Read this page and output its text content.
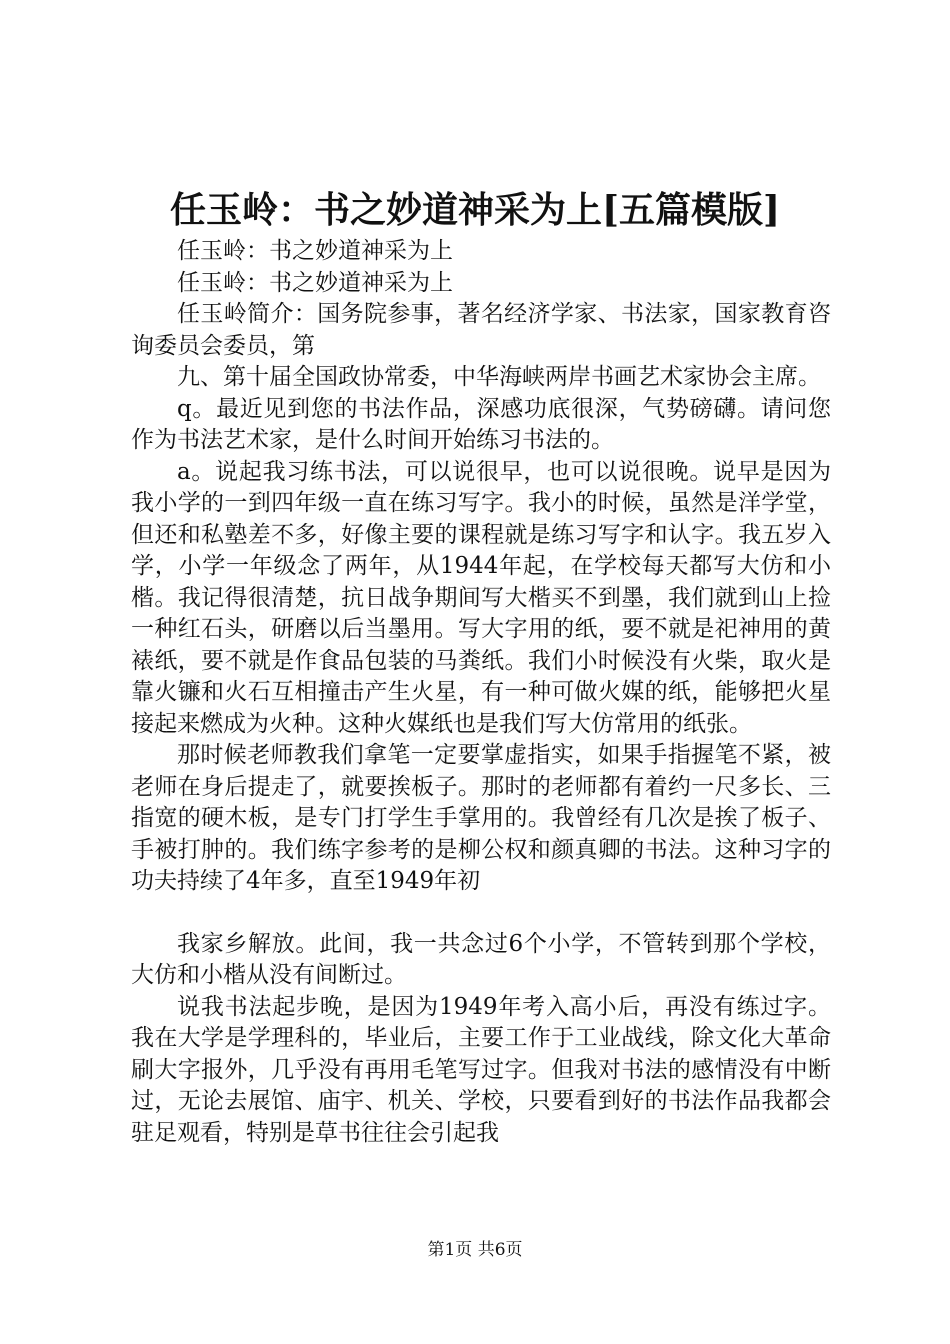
任玉岭：书之妙道神采为上[五篇模版]

任玉岭：书之妙道神采为上

任玉岭：书之妙道神采为上

任玉岭简介：国务院参事，著名经济学家、书法家，国家教育咨询委员会委员，第

九、第十届全国政协常委，中华海峡两岸书画艺术家协会主席。

q。最近见到您的书法作品，深感功底很深，气势磅礴。请问您作为书法艺术家，是什么时间开始练习书法的。

a。说起我习练书法，可以说很早，也可以说很晚。说早是因为我小学的一到四年级一直在练习写字。我小的时候，虽然是洋学堂，但还和私塾差不多，好像主要的课程就是练习写字和认字。我五岁入学，小学一年级念了两年，从1944年起，在学校每天都写大仿和小楷。我记得很清楚，抗日战争期间写大楷买不到墨，我们就到山上捡一种红石头，研磨以后当墨用。写大字用的纸，要不就是祀神用的黄裱纸，要不就是作食品包装的马粪纸。我们小时候没有火柴，取火是靠火镰和火石互相撞击产生火星，有一种可做火媒的纸，能够把火星接起来燃成为火种。这种火媒纸也是我们写大仿常用的纸张。

那时候老师教我们拿笔一定要掌虚指实，如果手指握笔不紧，被老师在身后提走了，就要挨板子。那时的老师都有着约一尺多长、三指宽的硬木板，是专门打学生手掌用的。我曾经有几次是挨了板子、手被打肿的。我们练字参考的是柳公权和颜真卿的书法。这种习字的功夫持续了4年多，直至1949年初

我家乡解放。此间，我一共念过6个小学，不管转到那个学校，大仿和小楷从没有间断过。

说我书法起步晚，是因为1949年考入高小后，再没有练过字。我在大学是学理科的，毕业后，主要工作于工业战线，除文化大革命刷大字报外，几乎没有再用毛笔写过字。但我对书法的感情没有中断过，无论去展馆、庙宇、机关、学校，只要看到好的书法作品我都会驻足观看，特别是草书往往会引起我

第1页 共6页
